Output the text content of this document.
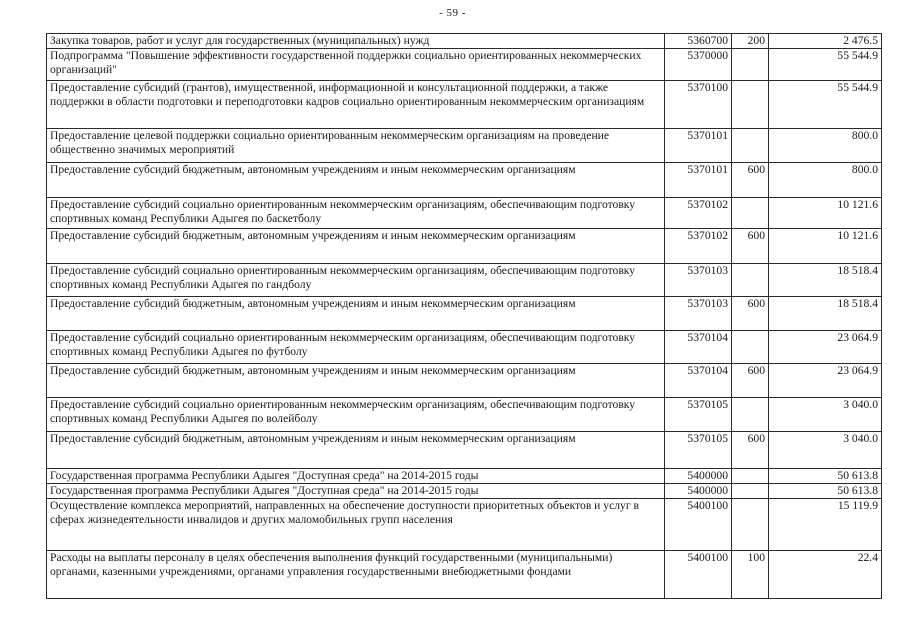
- 59 -
Закупка товаров, работ и услуг для государственных (муниципальных) нужд	5360700	200	2 476.5
Подпрограмма "Повышение эффективности государственной поддержки социально ориентированных некоммерческих организаций"	5370000		55 544.9
Предоставление субсидий (грантов), имущественной, информационной и консультационной поддержки, а также поддержки в области подготовки и переподготовки кадров социально ориентированным некоммерческим организациям	5370100		55 544.9
Предоставление целевой поддержки социально ориентированным некоммерческим организациям на проведение общественно значимых мероприятий	5370101		800.0
Предоставление субсидий бюджетным, автономным учреждениям и иным некоммерческим организациям	5370101	600	800.0
Предоставление субсидий социально ориентированным некоммерческим организациям, обеспечивающим подготовку спортивных команд Республики Адыгея по баскетболу	5370102		10 121.6
Предоставление субсидий бюджетным, автономным учреждениям и иным некоммерческим организациям	5370102	600	10 121.6
Предоставление субсидий социально ориентированным некоммерческим организациям, обеспечивающим подготовку спортивных команд Республики Адыгея по гандболу	5370103		18 518.4
Предоставление субсидий бюджетным, автономным учреждениям и иным некоммерческим организациям	5370103	600	18 518.4
Предоставление субсидий социально ориентированным некоммерческим организациям, обеспечивающим подготовку спортивных команд Республики Адыгея по футболу	5370104		23 064.9
Предоставление субсидий бюджетным, автономным учреждениям и иным некоммерческим организациям	5370104	600	23 064.9
Предоставление субсидий социально ориентированным некоммерческим организациям, обеспечивающим подготовку спортивных команд Республики Адыгея по волейболу	5370105		3 040.0
Предоставление субсидий бюджетным, автономным учреждениям и иным некоммерческим организациям	5370105	600	3 040.0
Государственная программа Республики Адыгея "Доступная среда" на 2014-2015 годы	5400000		50 613.8
Государственная программа Республики Адыгея "Доступная среда" на 2014-2015 годы	5400000		50 613.8
Осуществление комплекса мероприятий, направленных на обеспечение доступности приоритетных объектов и услуг в сферах жизнедеятельности инвалидов и других маломобильных групп населения	5400100		15 119.9
Расходы на выплаты персоналу в целях обеспечения выполнения функций государственными (муниципальными) органами, казенными учреждениями, органами управления государственными внебюджетными фондами	5400100	100	22.4
